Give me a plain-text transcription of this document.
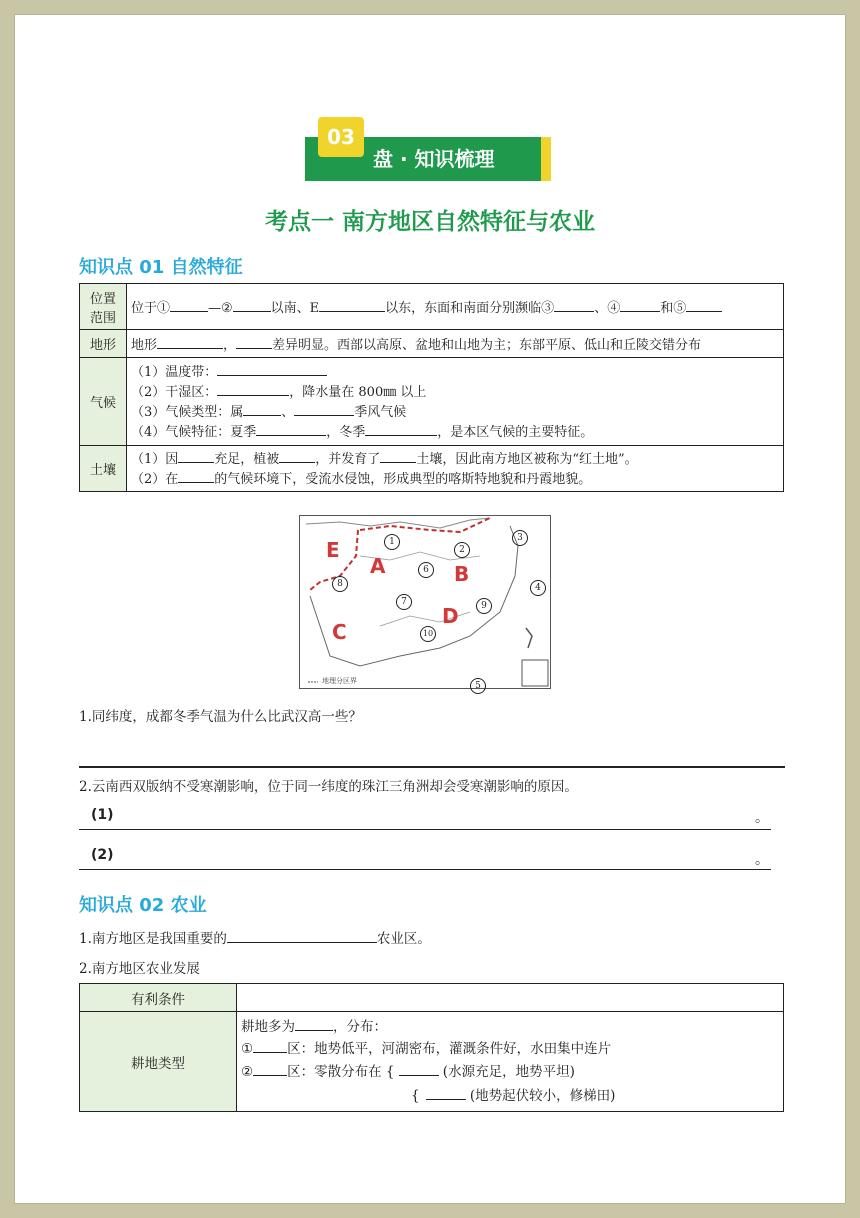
03
盘 · 知识梳理
考点一 南方地区自然特征与农业
知识点 01 自然特征
位置范围	位于① —② 以南、E 以东，东面和南面分别濒临③ 、④ 和⑤
地形	地形 ， 差异明显。西部以高原、盆地和山地为主；东部平原、低山和丘陵交错分布
气候	（1）温度带：
（2）干湿区： ，降水量在 800㎜ 以上
（3）气候类型：属 、 季风气候
（4）气候特征：夏季 ，冬季 ，是本区气候的主要特征。

土壤	（1）因 充足，植被 ，并发育了 土壤，因此南方地区被称为“红土地”。
（2）在 的气候环境下，受流水侵蚀，形成典型的喀斯特地貌和丹霞地貌。
E
A	B
C
D
1
2
3
4
5
6
7
8
9
10
地理分区界
1.同纬度，成都冬季气温为什么比武汉高一些？
2.云南西双版纳不受寒潮影响，位于同一纬度的珠江三角洲却会受寒潮影响的原因。
(1)	。
(2)	。
知识点 02 农业
1.南方地区是我国重要的	农业区。
2.南方地区农业发展
有利条件	
耕地类型	耕地多为 ，分布：
① 区：地势低平，河湖密布，灌溉条件好，水田集中连片
② 区：零散分布在 { (水源充足，地势平坦)
{ (地势起伏较小，修梯田)
